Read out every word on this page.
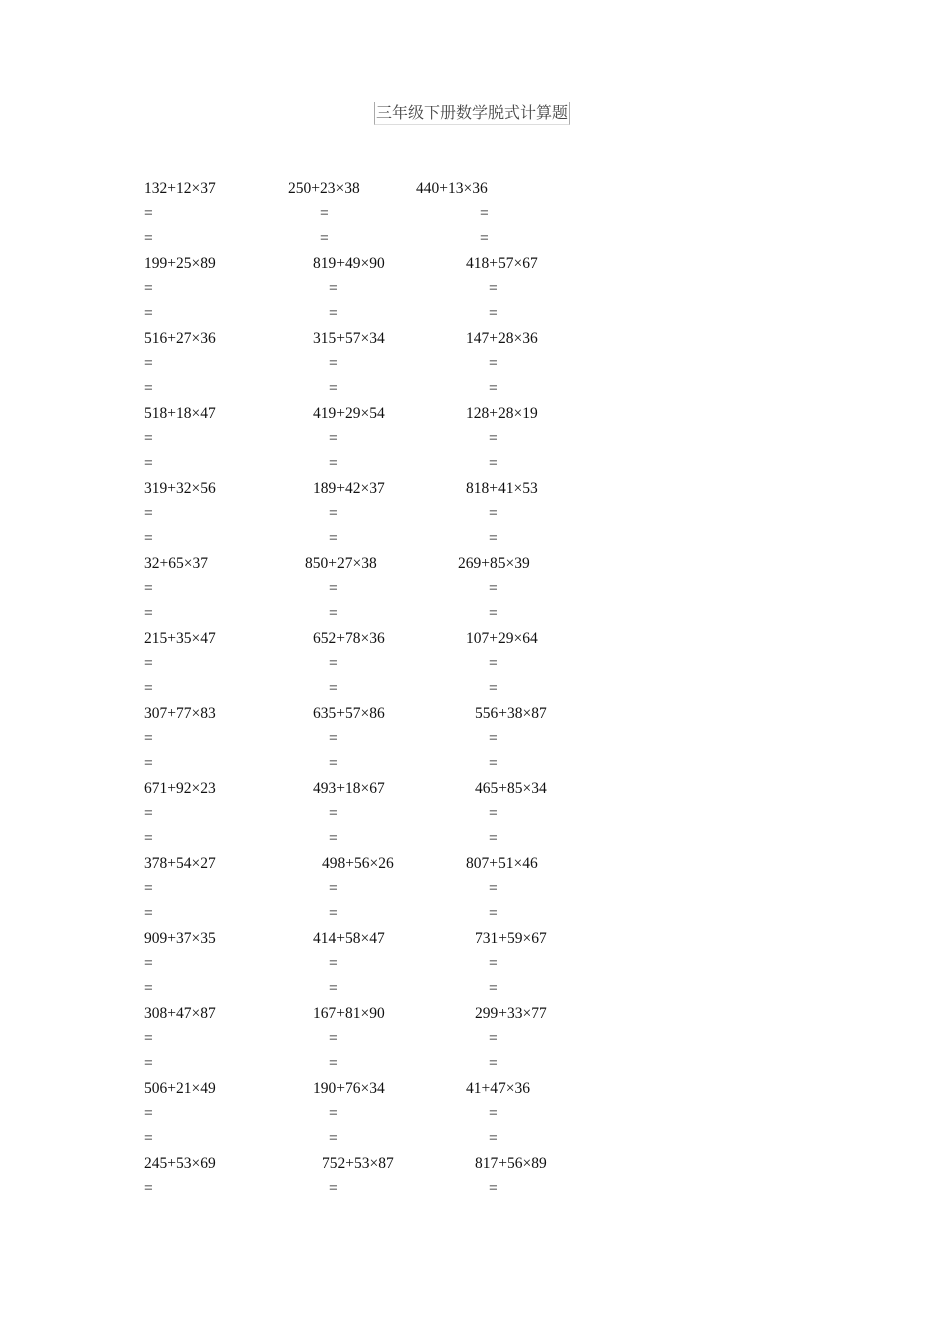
三年级下册数学脱式计算题
132+12×37	250+23×38	440+13×36
=	=	=
=	=	=
199+25×89	819+49×90	418+57×67
=	=	=
=	=	=
516+27×36	315+57×34	147+28×36
=	=	=
=	=	=
518+18×47	419+29×54	128+28×19
=	=	=
=	=	=
319+32×56	189+42×37	818+41×53
=	=	=
=	=	=
32+65×37	850+27×38	269+85×39
=	=	=
=	=	=
215+35×47	652+78×36	107+29×64
=	=	=
=	=	=
307+77×83	635+57×86	556+38×87
=	=	=
=	=	=
671+92×23	493+18×67	465+85×34
=	=	=
=	=	=
378+54×27	498+56×26	807+51×46
=	=	=
=	=	=
909+37×35	414+58×47	731+59×67
=	=	=
=	=	=
308+47×87	167+81×90	299+33×77
=	=	=
=	=	=
506+21×49	190+76×34	41+47×36
=	=	=
=	=	=
245+53×69	752+53×87	817+56×89
=	=	=
